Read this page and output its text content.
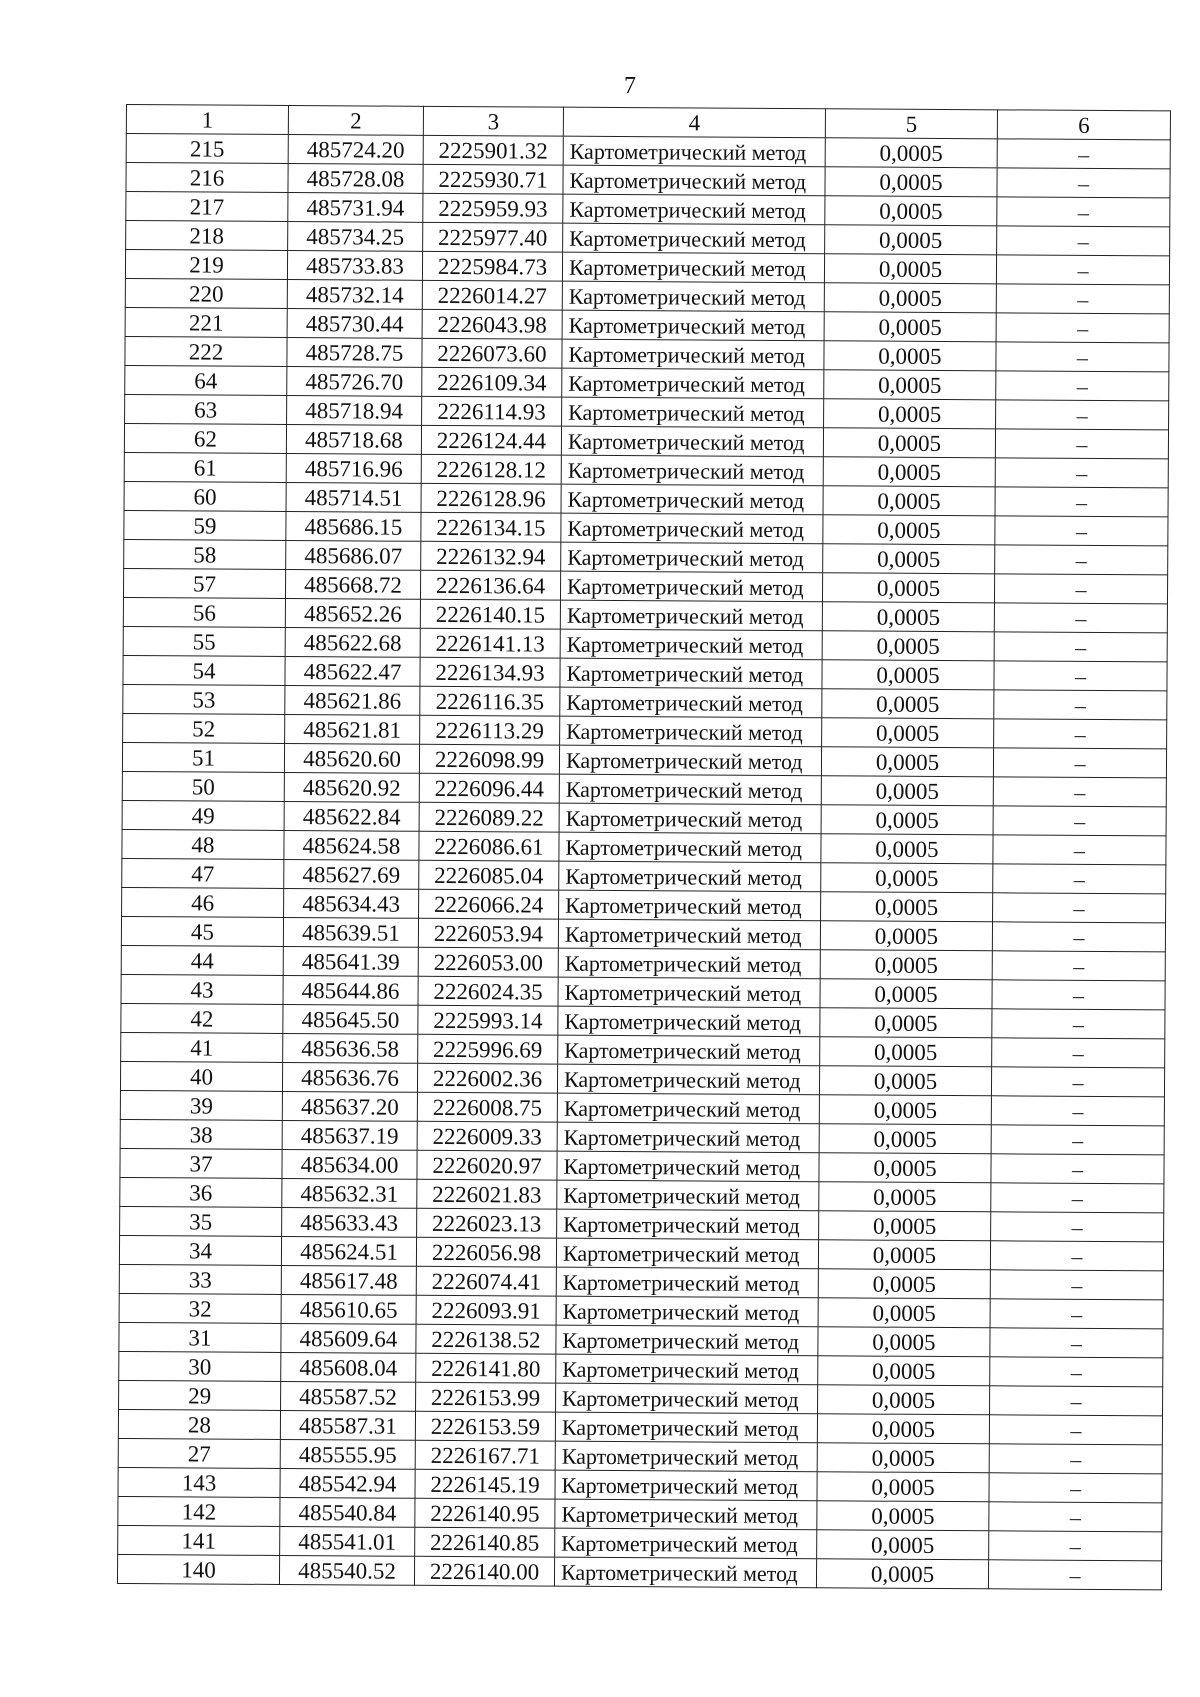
7
1	2	3	4	5	6
215	485724.20	2225901.32	Картометрический метод	0,0005	–
216	485728.08	2225930.71	Картометрический метод	0,0005	–
217	485731.94	2225959.93	Картометрический метод	0,0005	–
218	485734.25	2225977.40	Картометрический метод	0,0005	–
219	485733.83	2225984.73	Картометрический метод	0,0005	–
220	485732.14	2226014.27	Картометрический метод	0,0005	–
221	485730.44	2226043.98	Картометрический метод	0,0005	–
222	485728.75	2226073.60	Картометрический метод	0,0005	–
64	485726.70	2226109.34	Картометрический метод	0,0005	–
63	485718.94	2226114.93	Картометрический метод	0,0005	–
62	485718.68	2226124.44	Картометрический метод	0,0005	–
61	485716.96	2226128.12	Картометрический метод	0,0005	–
60	485714.51	2226128.96	Картометрический метод	0,0005	–
59	485686.15	2226134.15	Картометрический метод	0,0005	–
58	485686.07	2226132.94	Картометрический метод	0,0005	–
57	485668.72	2226136.64	Картометрический метод	0,0005	–
56	485652.26	2226140.15	Картометрический метод	0,0005	–
55	485622.68	2226141.13	Картометрический метод	0,0005	–
54	485622.47	2226134.93	Картометрический метод	0,0005	–
53	485621.86	2226116.35	Картометрический метод	0,0005	–
52	485621.81	2226113.29	Картометрический метод	0,0005	–
51	485620.60	2226098.99	Картометрический метод	0,0005	–
50	485620.92	2226096.44	Картометрический метод	0,0005	–
49	485622.84	2226089.22	Картометрический метод	0,0005	–
48	485624.58	2226086.61	Картометрический метод	0,0005	–
47	485627.69	2226085.04	Картометрический метод	0,0005	–
46	485634.43	2226066.24	Картометрический метод	0,0005	–
45	485639.51	2226053.94	Картометрический метод	0,0005	–
44	485641.39	2226053.00	Картометрический метод	0,0005	–
43	485644.86	2226024.35	Картометрический метод	0,0005	–
42	485645.50	2225993.14	Картометрический метод	0,0005	–
41	485636.58	2225996.69	Картометрический метод	0,0005	–
40	485636.76	2226002.36	Картометрический метод	0,0005	–
39	485637.20	2226008.75	Картометрический метод	0,0005	–
38	485637.19	2226009.33	Картометрический метод	0,0005	–
37	485634.00	2226020.97	Картометрический метод	0,0005	–
36	485632.31	2226021.83	Картометрический метод	0,0005	–
35	485633.43	2226023.13	Картометрический метод	0,0005	–
34	485624.51	2226056.98	Картометрический метод	0,0005	–
33	485617.48	2226074.41	Картометрический метод	0,0005	–
32	485610.65	2226093.91	Картометрический метод	0,0005	–
31	485609.64	2226138.52	Картометрический метод	0,0005	–
30	485608.04	2226141.80	Картометрический метод	0,0005	–
29	485587.52	2226153.99	Картометрический метод	0,0005	–
28	485587.31	2226153.59	Картометрический метод	0,0005	–
27	485555.95	2226167.71	Картометрический метод	0,0005	–
143	485542.94	2226145.19	Картометрический метод	0,0005	–
142	485540.84	2226140.95	Картометрический метод	0,0005	–
141	485541.01	2226140.85	Картометрический метод	0,0005	–
140	485540.52	2226140.00	Картометрический метод	0,0005	–
